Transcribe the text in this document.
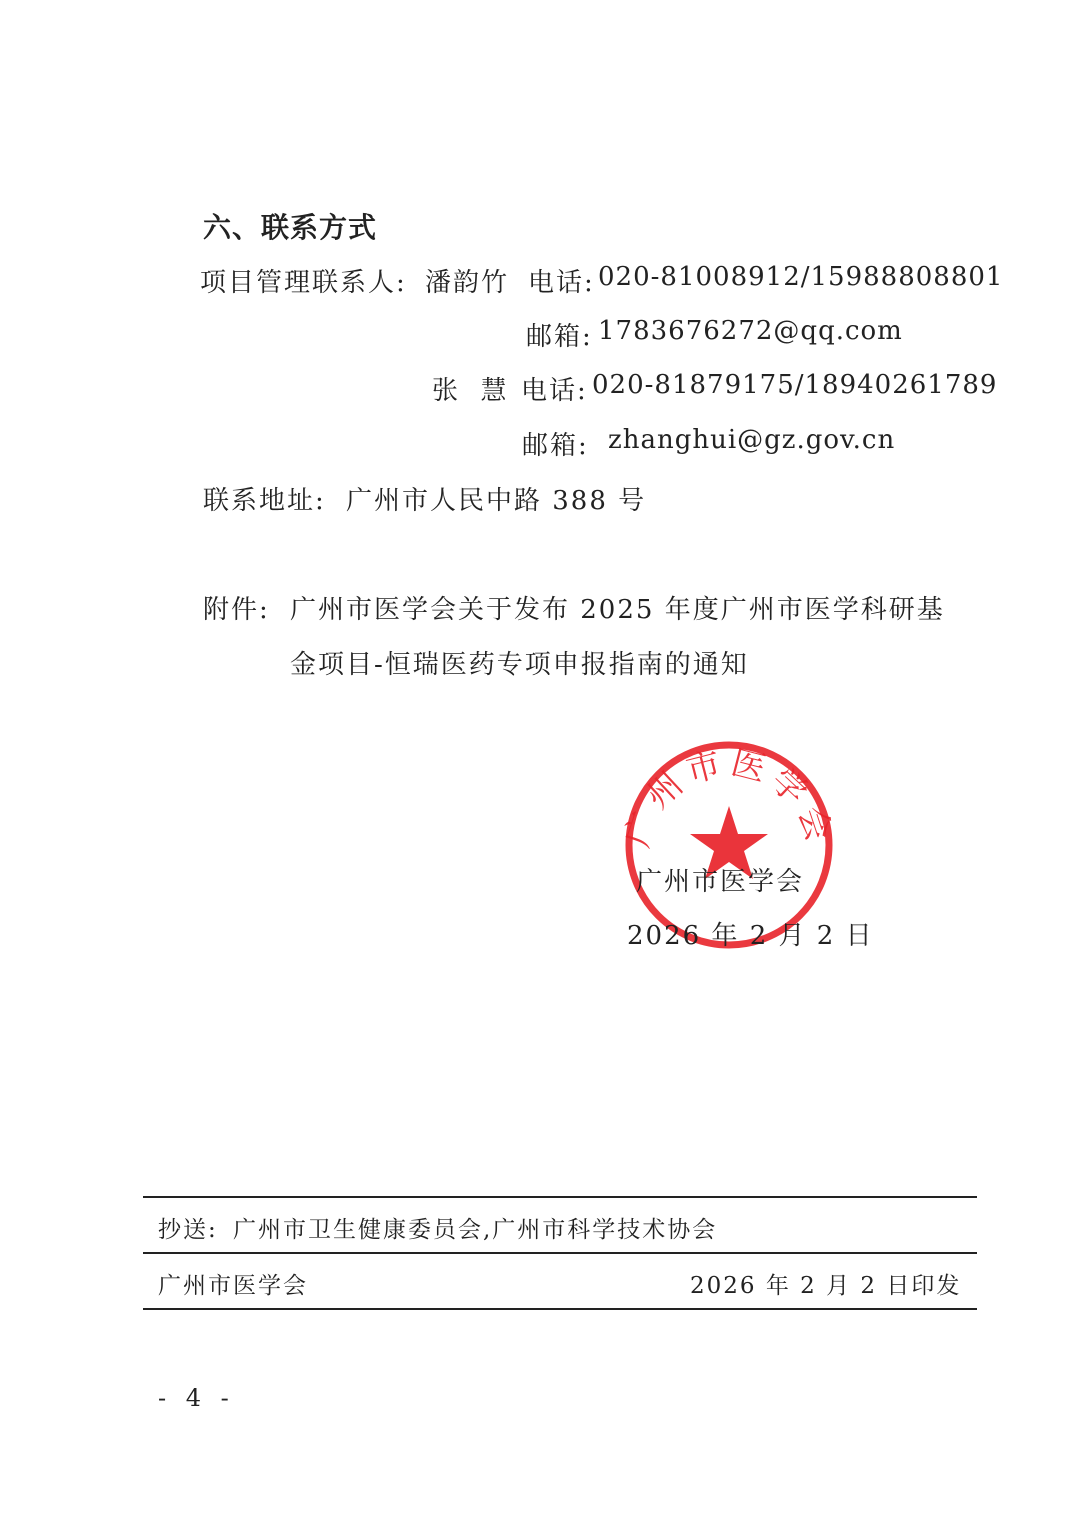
六、联系方式
项目管理联系人: 潘韵竹 电话: 020-81008912/15988808801
邮箱: 1783676272@qq.com
张  慧 电话: 020-81879175/18940261789
邮箱: zhanghui@gz.gov.cn
联系地址: 广州市人民中路 388 号
附件: 广州市医学会关于发布 2025 年度广州市医学科研基
金项目-恒瑞医药专项申报指南的通知
广州市医学会
广州市医学会
2026 年 2 月 2 日
抄送: 广州市卫生健康委员会,广州市科学技术协会
广州市医学会	2026 年 2 月 2 日印发
- 4 -
